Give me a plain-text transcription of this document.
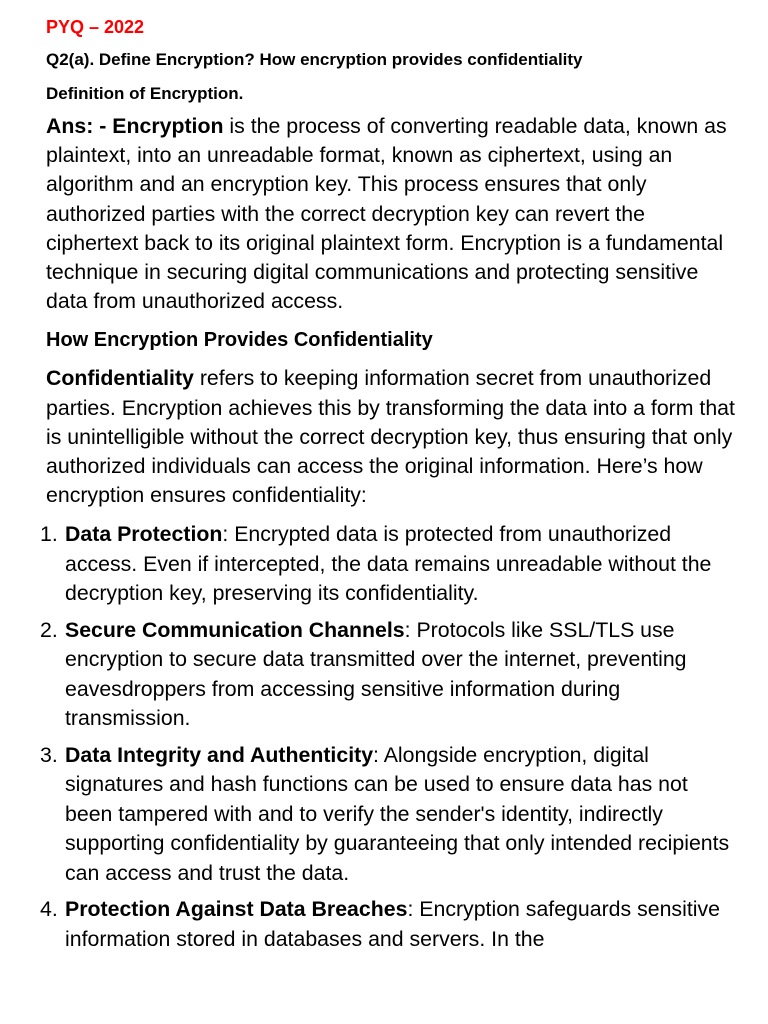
PYQ – 2022
Q2(a). Define Encryption? How encryption provides confidentiality
Definition of Encryption.

Ans: - Encryption is the process of converting readable data, known as plaintext, into an unreadable format, known as ciphertext, using an algorithm and an encryption key. This process ensures that only authorized parties with the correct decryption key can revert the ciphertext back to its original plaintext form. Encryption is a fundamental technique in securing digital communications and protecting sensitive data from unauthorized access.

How Encryption Provides Confidentiality

Confidentiality refers to keeping information secret from unauthorized parties. Encryption achieves this by transforming the data into a form that is unintelligible without the correct decryption key, thus ensuring that only authorized individuals can access the original information. Here’s how encryption ensures confidentiality:

1. Data Protection: Encrypted data is protected from unauthorized access. Even if intercepted, the data remains unreadable without the decryption key, preserving its confidentiality.
2. Secure Communication Channels: Protocols like SSL/TLS use encryption to secure data transmitted over the internet, preventing eavesdroppers from accessing sensitive information during transmission.
3. Data Integrity and Authenticity: Alongside encryption, digital signatures and hash functions can be used to ensure data has not been tampered with and to verify the sender's identity, indirectly supporting confidentiality by guaranteeing that only intended recipients can access and trust the data.
4. Protection Against Data Breaches: Encryption safeguards sensitive information stored in databases and servers. In the
